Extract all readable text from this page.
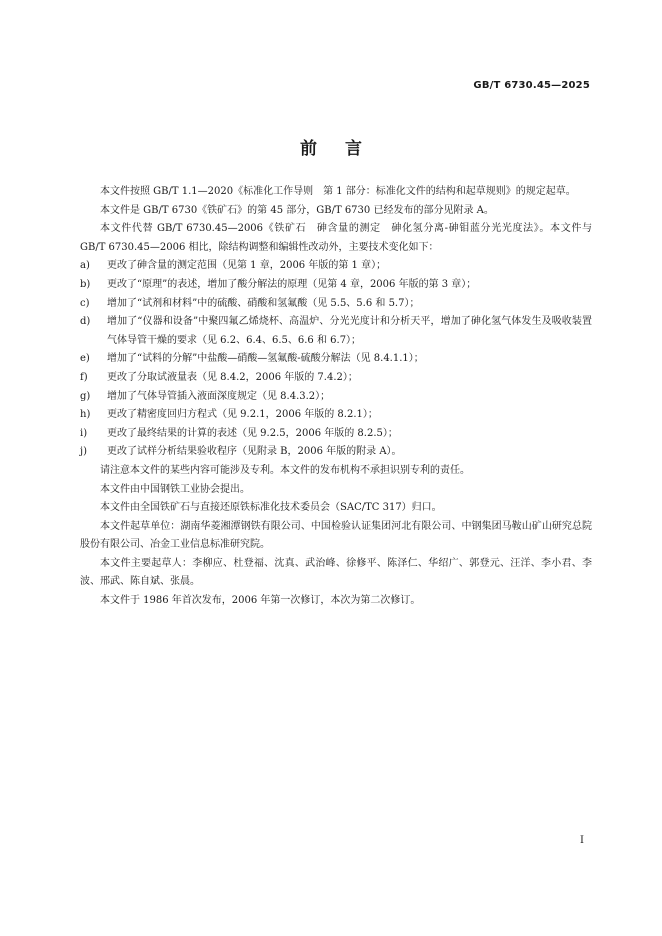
GB/T 6730.45—2025
前言

本文件按照 GB/T 1.1—2020《标准化工作导则　第 1 部分：标准化文件的结构和起草规则》的规定起草。

本文件是 GB/T 6730《铁矿石》的第 45 部分，GB/T 6730 已经发布的部分见附录 A。

本文件代替 GB/T 6730.45—2006《铁矿石　砷含量的测定　砷化氢分离-砷钼蓝分光光度法》。本文件与 GB/T 6730.45—2006 相比，除结构调整和编辑性改动外，主要技术变化如下：

a) 更改了砷含量的测定范围（见第 1 章，2006 年版的第 1 章）；
b) 更改了“原理”的表述，增加了酸分解法的原理（见第 4 章，2006 年版的第 3 章）；
c) 增加了“试剂和材料”中的硫酸、硝酸和氢氟酸（见 5.5、5.6 和 5.7）；
d) 增加了“仪器和设备”中聚四氟乙烯烧杯、高温炉、分光光度计和分析天平，增加了砷化氢气体发生及吸收装置气体导管干燥的要求（见 6.2、6.4、6.5、6.6 和 6.7）；
e) 增加了“试料的分解”中盐酸—硝酸—氢氟酸-硫酸分解法（见 8.4.1.1）；
f) 更改了分取试液量表（见 8.4.2，2006 年版的 7.4.2）；
g) 增加了气体导管插入液面深度规定（见 8.4.3.2）；
h) 更改了精密度回归方程式（见 9.2.1，2006 年版的 8.2.1）；
i) 更改了最终结果的计算的表述（见 9.2.5，2006 年版的 8.2.5）；
j) 更改了试样分析结果验收程序（见附录 B，2006 年版的附录 A）。

请注意本文件的某些内容可能涉及专利。本文件的发布机构不承担识别专利的责任。

本文件由中国钢铁工业协会提出。

本文件由全国铁矿石与直接还原铁标准化技术委员会（SAC/TC 317）归口。

本文件起草单位：湖南华菱湘潭钢铁有限公司、中国检验认证集团河北有限公司、中钢集团马鞍山矿山研究总院股份有限公司、冶金工业信息标准研究院。

本文件主要起草人：李柳应、杜登福、沈真、武治峰、徐修平、陈泽仁、华绍广、郭登元、汪洋、李小君、李波、邢武、陈自斌、张晨。

本文件于 1986 年首次发布，2006 年第一次修订，本次为第二次修订。

I
